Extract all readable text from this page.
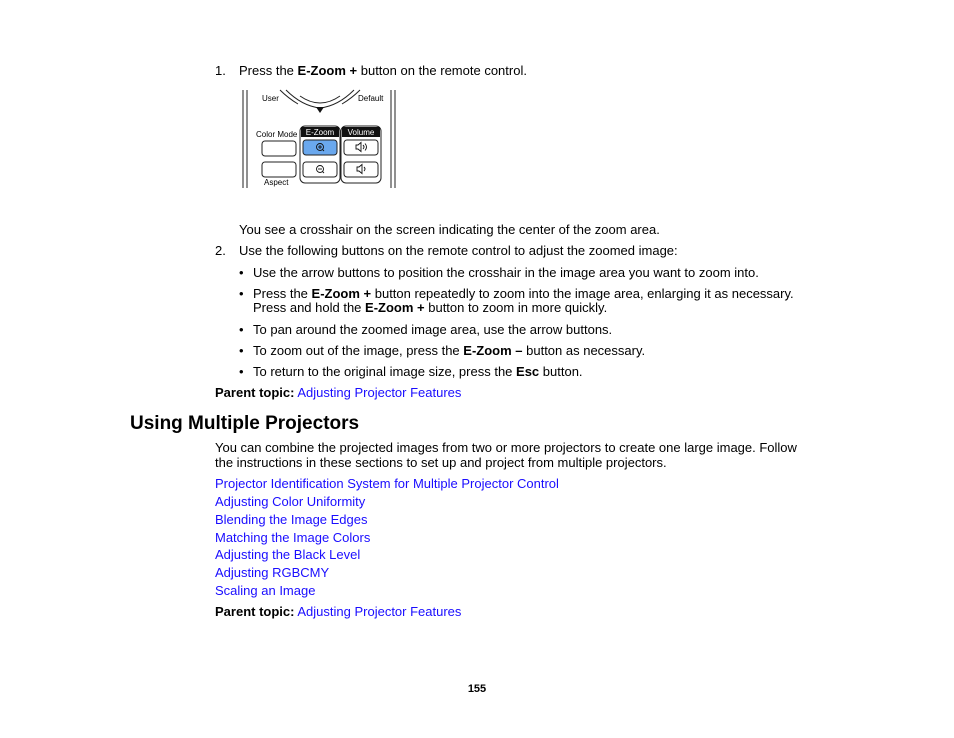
1. Press the E-Zoom + button on the remote control.
User	Default
Color Mode
Aspect
E-Zoom Volume
You see a crosshair on the screen indicating the center of the zoom area.
2. Use the following buttons on the remote control to adjust the zoomed image:
• Use the arrow buttons to position the crosshair in the image area you want to zoom into.
• Press the E-Zoom + button repeatedly to zoom into the image area, enlarging it as necessary.
Press and hold the E-Zoom + button to zoom in more quickly.
• To pan around the zoomed image area, use the arrow buttons.
• To zoom out of the image, press the E-Zoom – button as necessary.
• To return to the original image size, press the Esc button.
Parent topic: Adjusting Projector Features
Using Multiple Projectors
You can combine the projected images from two or more projectors to create one large image. Follow
the instructions in these sections to set up and project from multiple projectors.
Projector Identification System for Multiple Projector Control
Adjusting Color Uniformity
Blending the Image Edges
Matching the Image Colors
Adjusting the Black Level
Adjusting RGBCMY
Scaling an Image
Parent topic: Adjusting Projector Features
155
